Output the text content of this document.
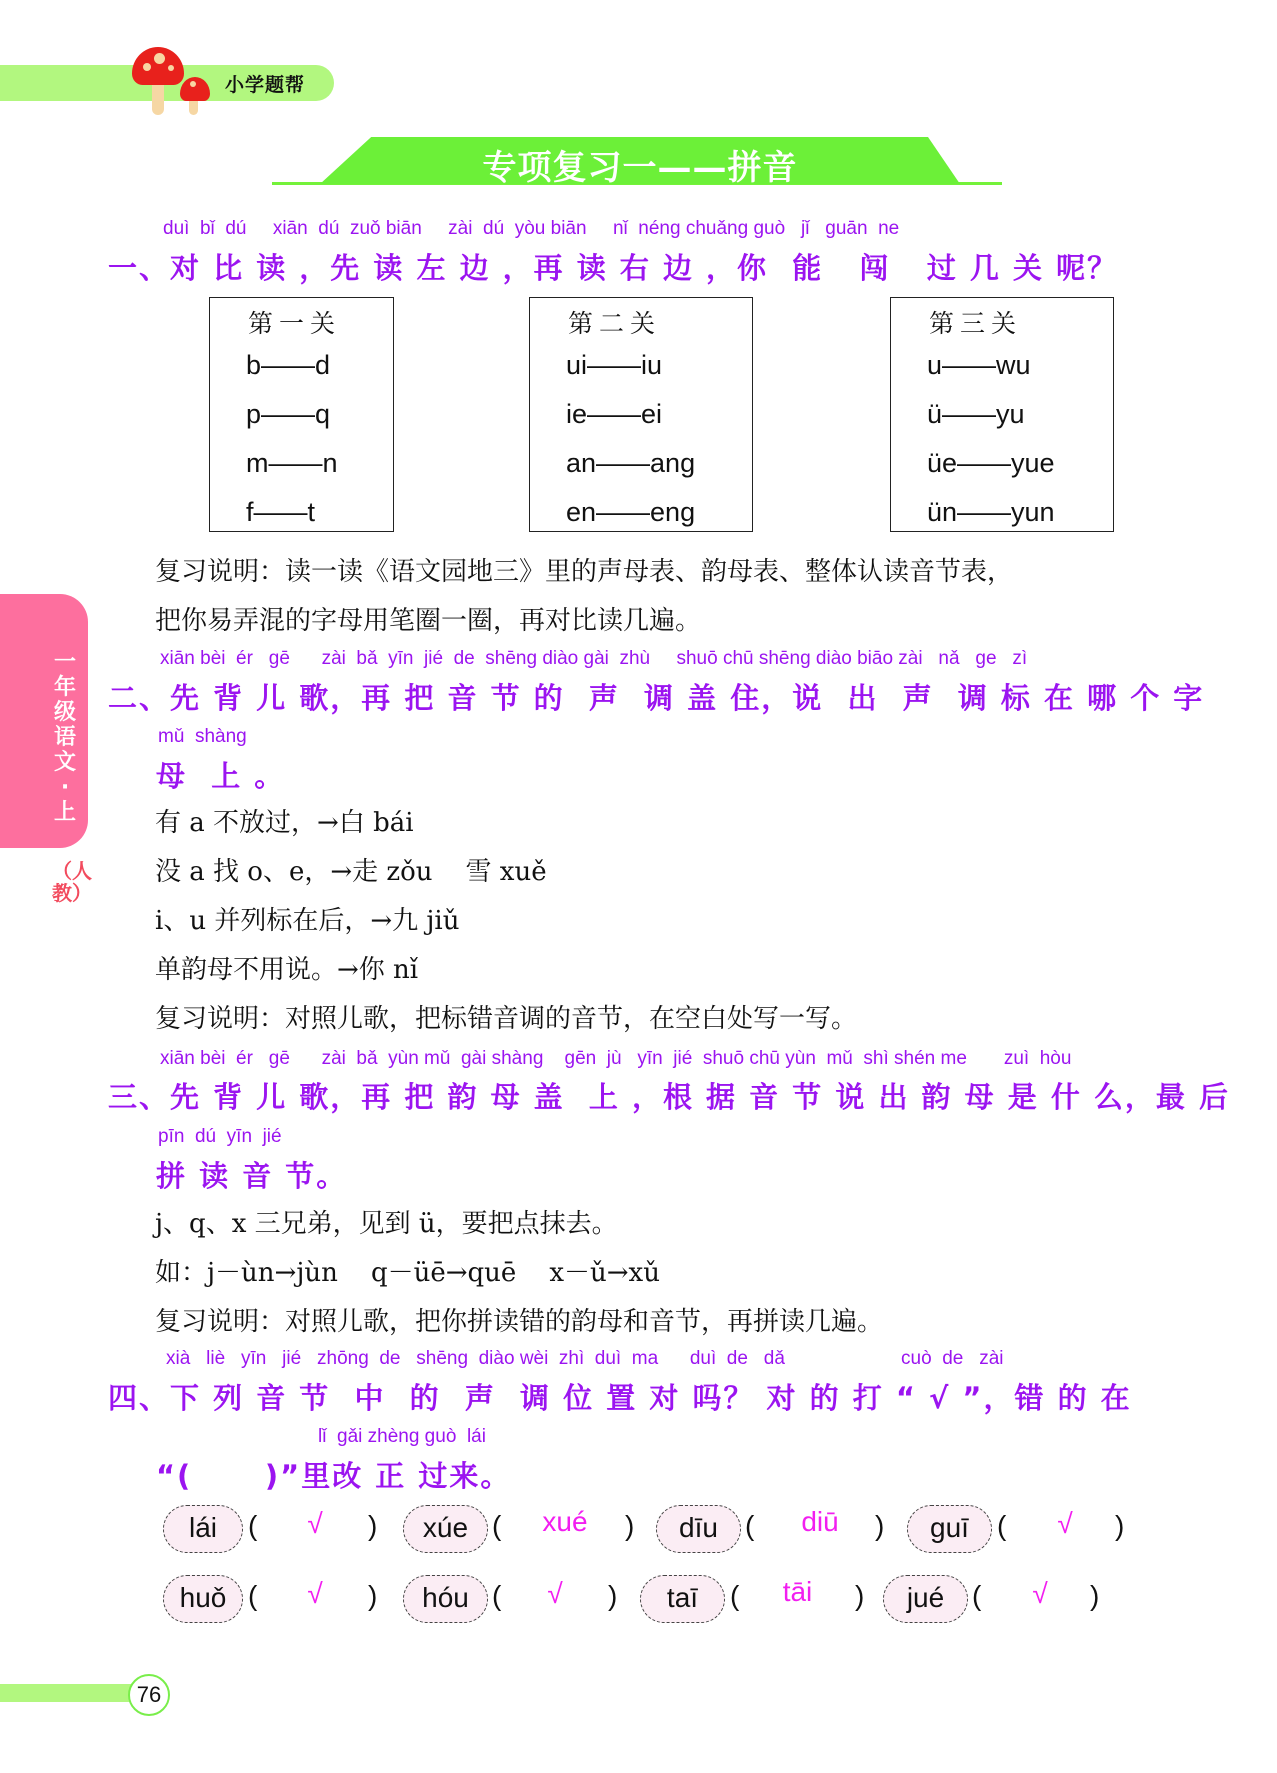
小学题帮
专项复习一——拼音
一年级语文·上
（人教）
duì  bǐ  dú     xiān  dú  zuǒ biān     zài  dú  yòu biān     nǐ  néng chuǎng guò   jǐ   guān  ne
一、对 比 读 ，先 读 左 边 ，再 读 右 边 ，你  能   闯   过 几 关 呢？
第一关
b——d
p——q
m——n
f——t
第二关
ui——iu
ie——ei
an——ang
en——eng
第三关
u——wu
ü——yu
üe——yue
ün——yun
复习说明：读一读《语文园地三》里的声母表、韵母表、整体认读音节表，
把你易弄混的字母用笔圈一圈，再对比读几遍。
xiān bèi  ér   gē      zài  bǎ  yīn  jié  de  shēng diào gài  zhù     shuō chū shēng diào biāo zài   nǎ   ge   zì
二、先 背 儿 歌，再 把 音 节 的  声  调 盖 住，说  出  声  调 标 在 哪 个 字
mǔ  shàng
母  上 。
有 a 不放过，→白 bái
没 a 找 o、e，→走 zǒu    雪 xuě
i、u 并列标在后，→九 jiǔ
单韵母不用说。→你 nǐ
复习说明：对照儿歌，把标错音调的音节，在空白处写一写。
xiān bèi  ér   gē      zài  bǎ  yùn mǔ  gài shàng    gēn  jù   yīn  jié  shuō chū yùn  mǔ  shì shén me       zuì  hòu
三、先 背 儿 歌，再 把 韵 母 盖  上 ，根 据 音 节 说 出 韵 母 是 什 么，最 后
pīn  dú  yīn  jié
拼 读 音 节。
j、q、x 三兄弟，见到 ü，要把点抹去。
如：j－ùn→jùn    q－üē→quē    x－ǔ→xǔ
复习说明：对照儿歌，把你拼读错的韵母和音节，再拼读几遍。
xià   liè   yīn   jié   zhōng  de   shēng  diào wèi  zhì  duì  ma      duì  de   dǎ                      cuò  de   zài
四、下 列 音 节  中  的  声  调 位 置 对 吗？ 对 的 打 “ √ ”，错 的 在
lǐ  gǎi zhèng guò  lái
“(      )”里改 正 过来。
lái	(	√	)	xúe (	xué	)	dīu (	diū	)	guī	(	√	)
huǒ (	√	)	hóu (	√	)	taī	(	tāi	)	jué (	√	)
76
